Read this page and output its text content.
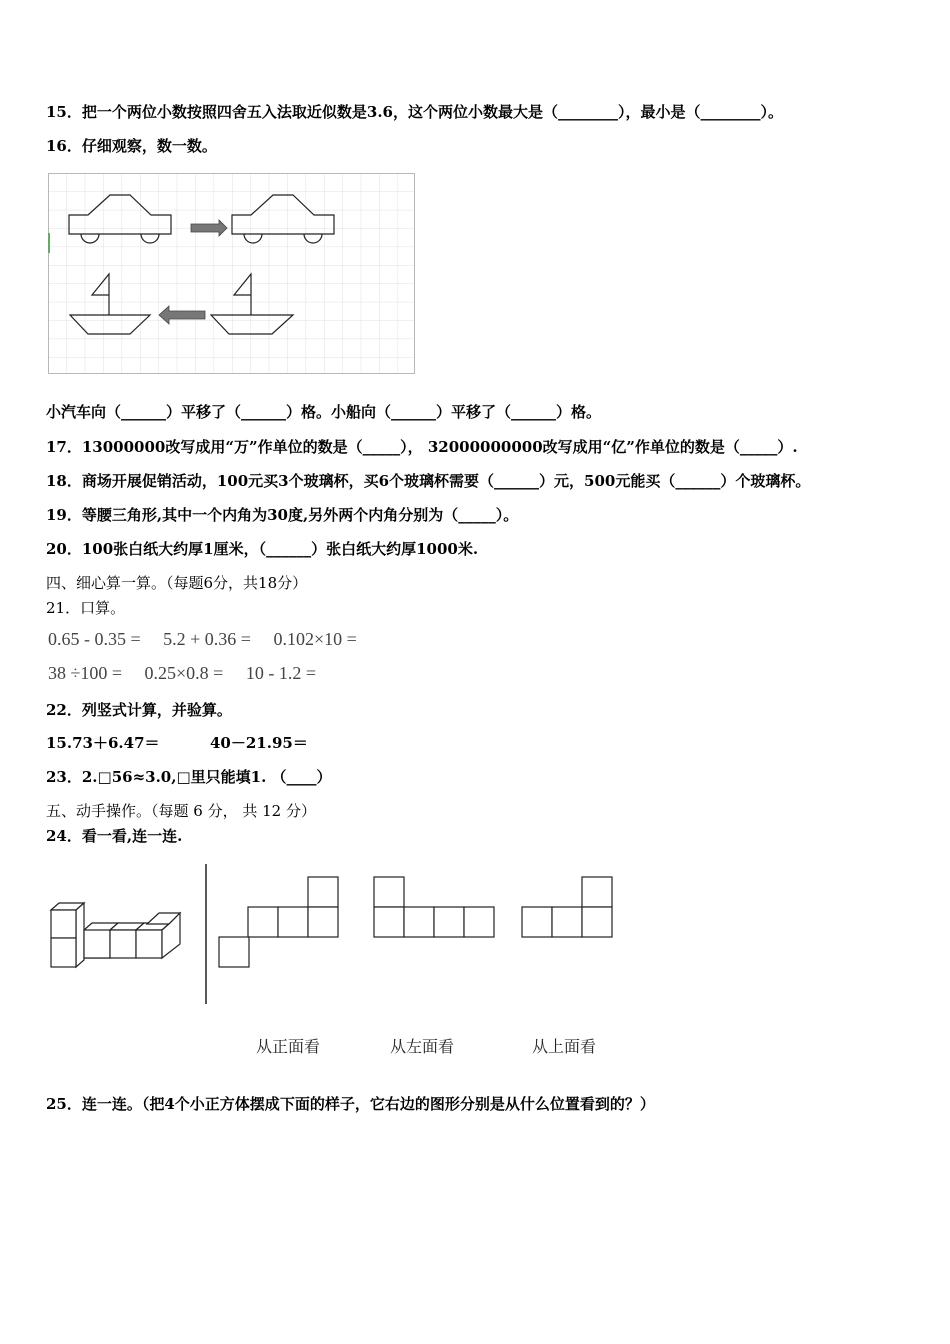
15．把一个两位小数按照四舍五入法取近似数是3.6，这个两位小数最大是（________），最小是（________）。
16．仔细观察，数一数。
小汽车向（______）平移了（______）格。小船向（______）平移了（______）格。
17．13000000改写成用“万”作单位的数是（_____）， 32000000000改写成用“亿”作单位的数是（_____）.
18．商场开展促销活动，100元买3个玻璃杯，买6个玻璃杯需要（______）元，500元能买（______）个玻璃杯。
19．等腰三角形,其中一个内角为30度,另外两个内角分别为（_____）。
20．100张白纸大约厚1厘米，（______）张白纸大约厚1000米.
四、细心算一算。（每题6分，共18分）
21．口算。
0.65 - 0.35 = 5.2 + 0.36 = 0.102×10 =
38 ÷100 = 0.25×0.8 = 10 - 1.2 =
22．列竖式计算，并验算。
15.73＋6.47＝	40－21.95＝
23．2.□56≈3.0,□里只能填1. （____）
五、动手操作。（每题 6 分， 共 12 分）
24．看一看,连一连.
从正面看	从左面看	从上面看
25．连一连。（把4个小正方体摆成下面的样子，它右边的图形分别是从什么位置看到的？）
